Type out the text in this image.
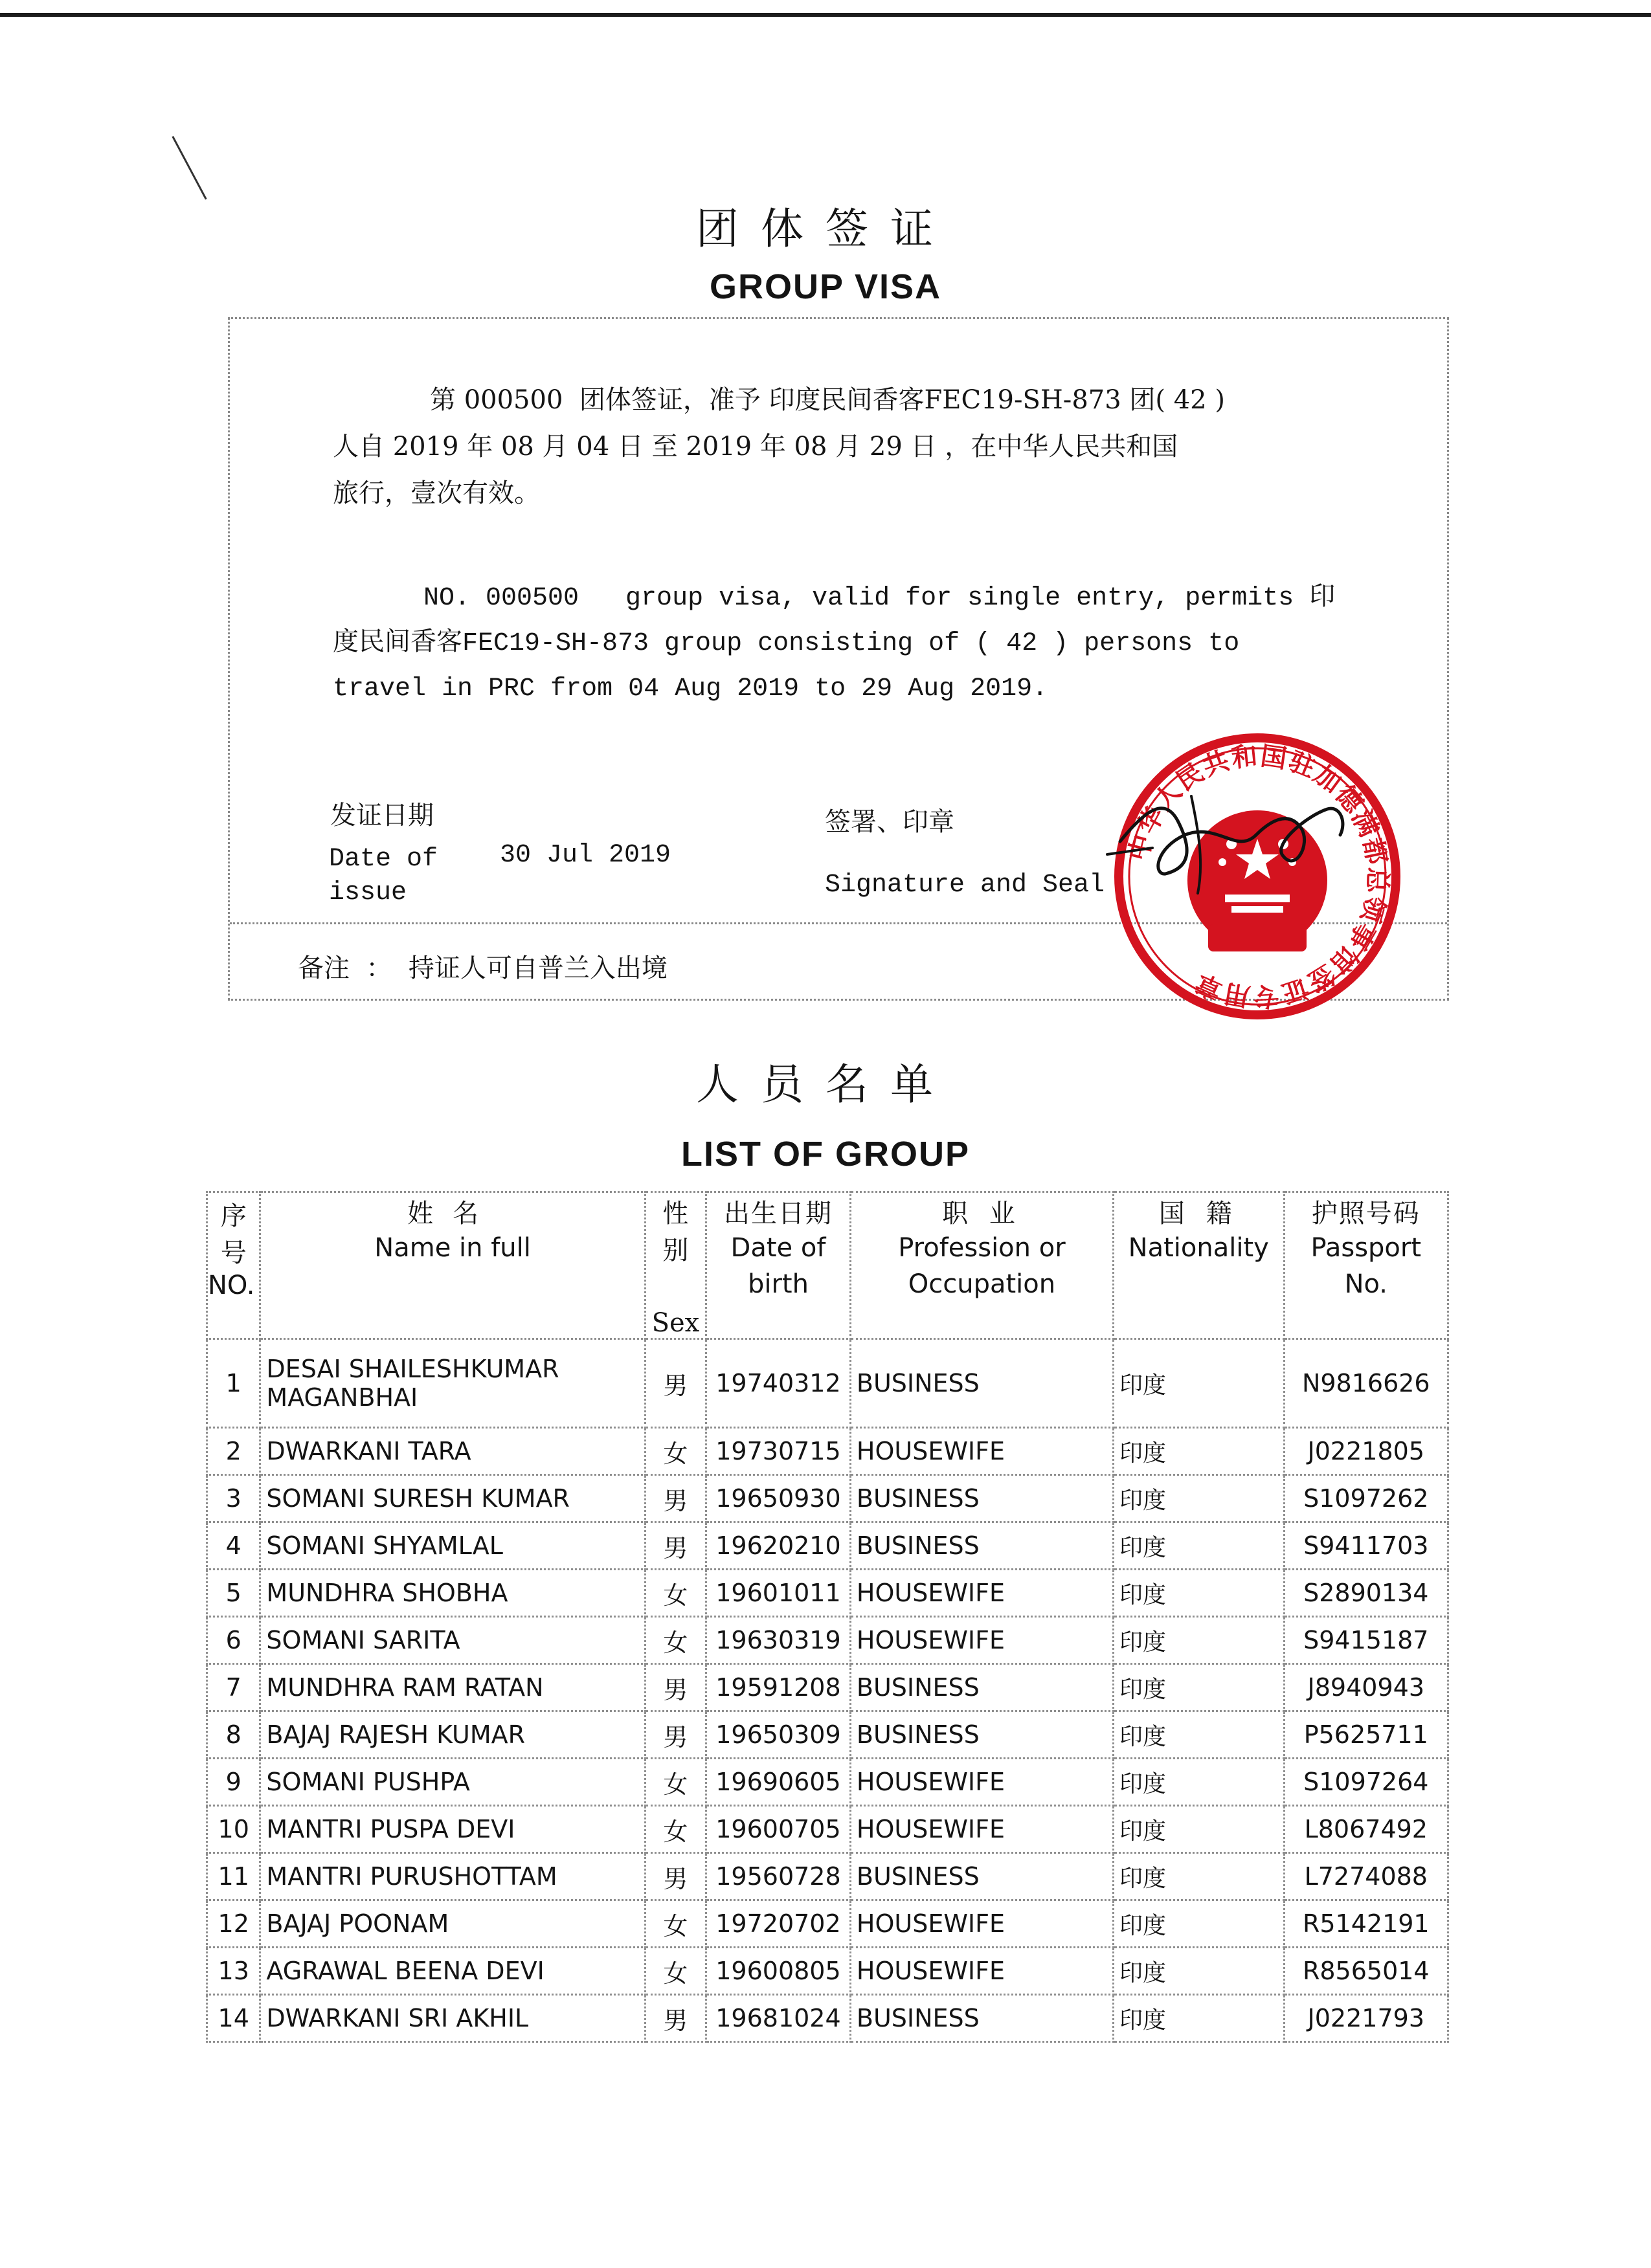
团体签证
GROUP VISA
第 000500  团体签证，准予 印度民间香客FEC19-SH-873 团( 42 )
人自 2019 年 08 月 04 日 至 2019 年 08 月 29 日 ，在中华人民共和国
旅行，壹次有效。
NO. 000500   group visa, valid for single entry, permits 印
度民间香客FEC19-SH-873 group consisting of ( 42 ) persons to
travel in PRC from 04 Aug 2019 to 29 Aug 2019.
发证日期
Date of
issue
30 Jul 2019
签署、印章
Signature and Seal
备注  ：  持证人可自普兰入出境
中华人民共和国驻加德满都总领事馆签证专用章
人员名单
LIST OF GROUP
序号
NO.	姓名
Name in full	性别
Sex	出生日期
Date of
birth	职 业
Profession or
Occupation	国 籍
Nationality	护照号码
Passport
No.

1	DESAI SHAILESHKUMAR
MAGANBHAI	男	19740312	BUSINESS	印度	N9816626
2	DWARKANI TARA	女	19730715	HOUSEWIFE	印度	J0221805
3	SOMANI SURESH KUMAR	男	19650930	BUSINESS	印度	S1097262
4	SOMANI SHYAMLAL	男	19620210	BUSINESS	印度	S9411703
5	MUNDHRA SHOBHA	女	19601011	HOUSEWIFE	印度	S2890134
6	SOMANI SARITA	女	19630319	HOUSEWIFE	印度	S9415187
7	MUNDHRA RAM RATAN	男	19591208	BUSINESS	印度	J8940943
8	BAJAJ RAJESH KUMAR	男	19650309	BUSINESS	印度	P5625711
9	SOMANI PUSHPA	女	19690605	HOUSEWIFE	印度	S1097264
10	MANTRI PUSPA DEVI	女	19600705	HOUSEWIFE	印度	L8067492
11	MANTRI PURUSHOTTAM	男	19560728	BUSINESS	印度	L7274088
12	BAJAJ POONAM	女	19720702	HOUSEWIFE	印度	R5142191
13	AGRAWAL BEENA DEVI	女	19600805	HOUSEWIFE	印度	R8565014
14	DWARKANI SRI AKHIL	男	19681024	BUSINESS	印度	J0221793
